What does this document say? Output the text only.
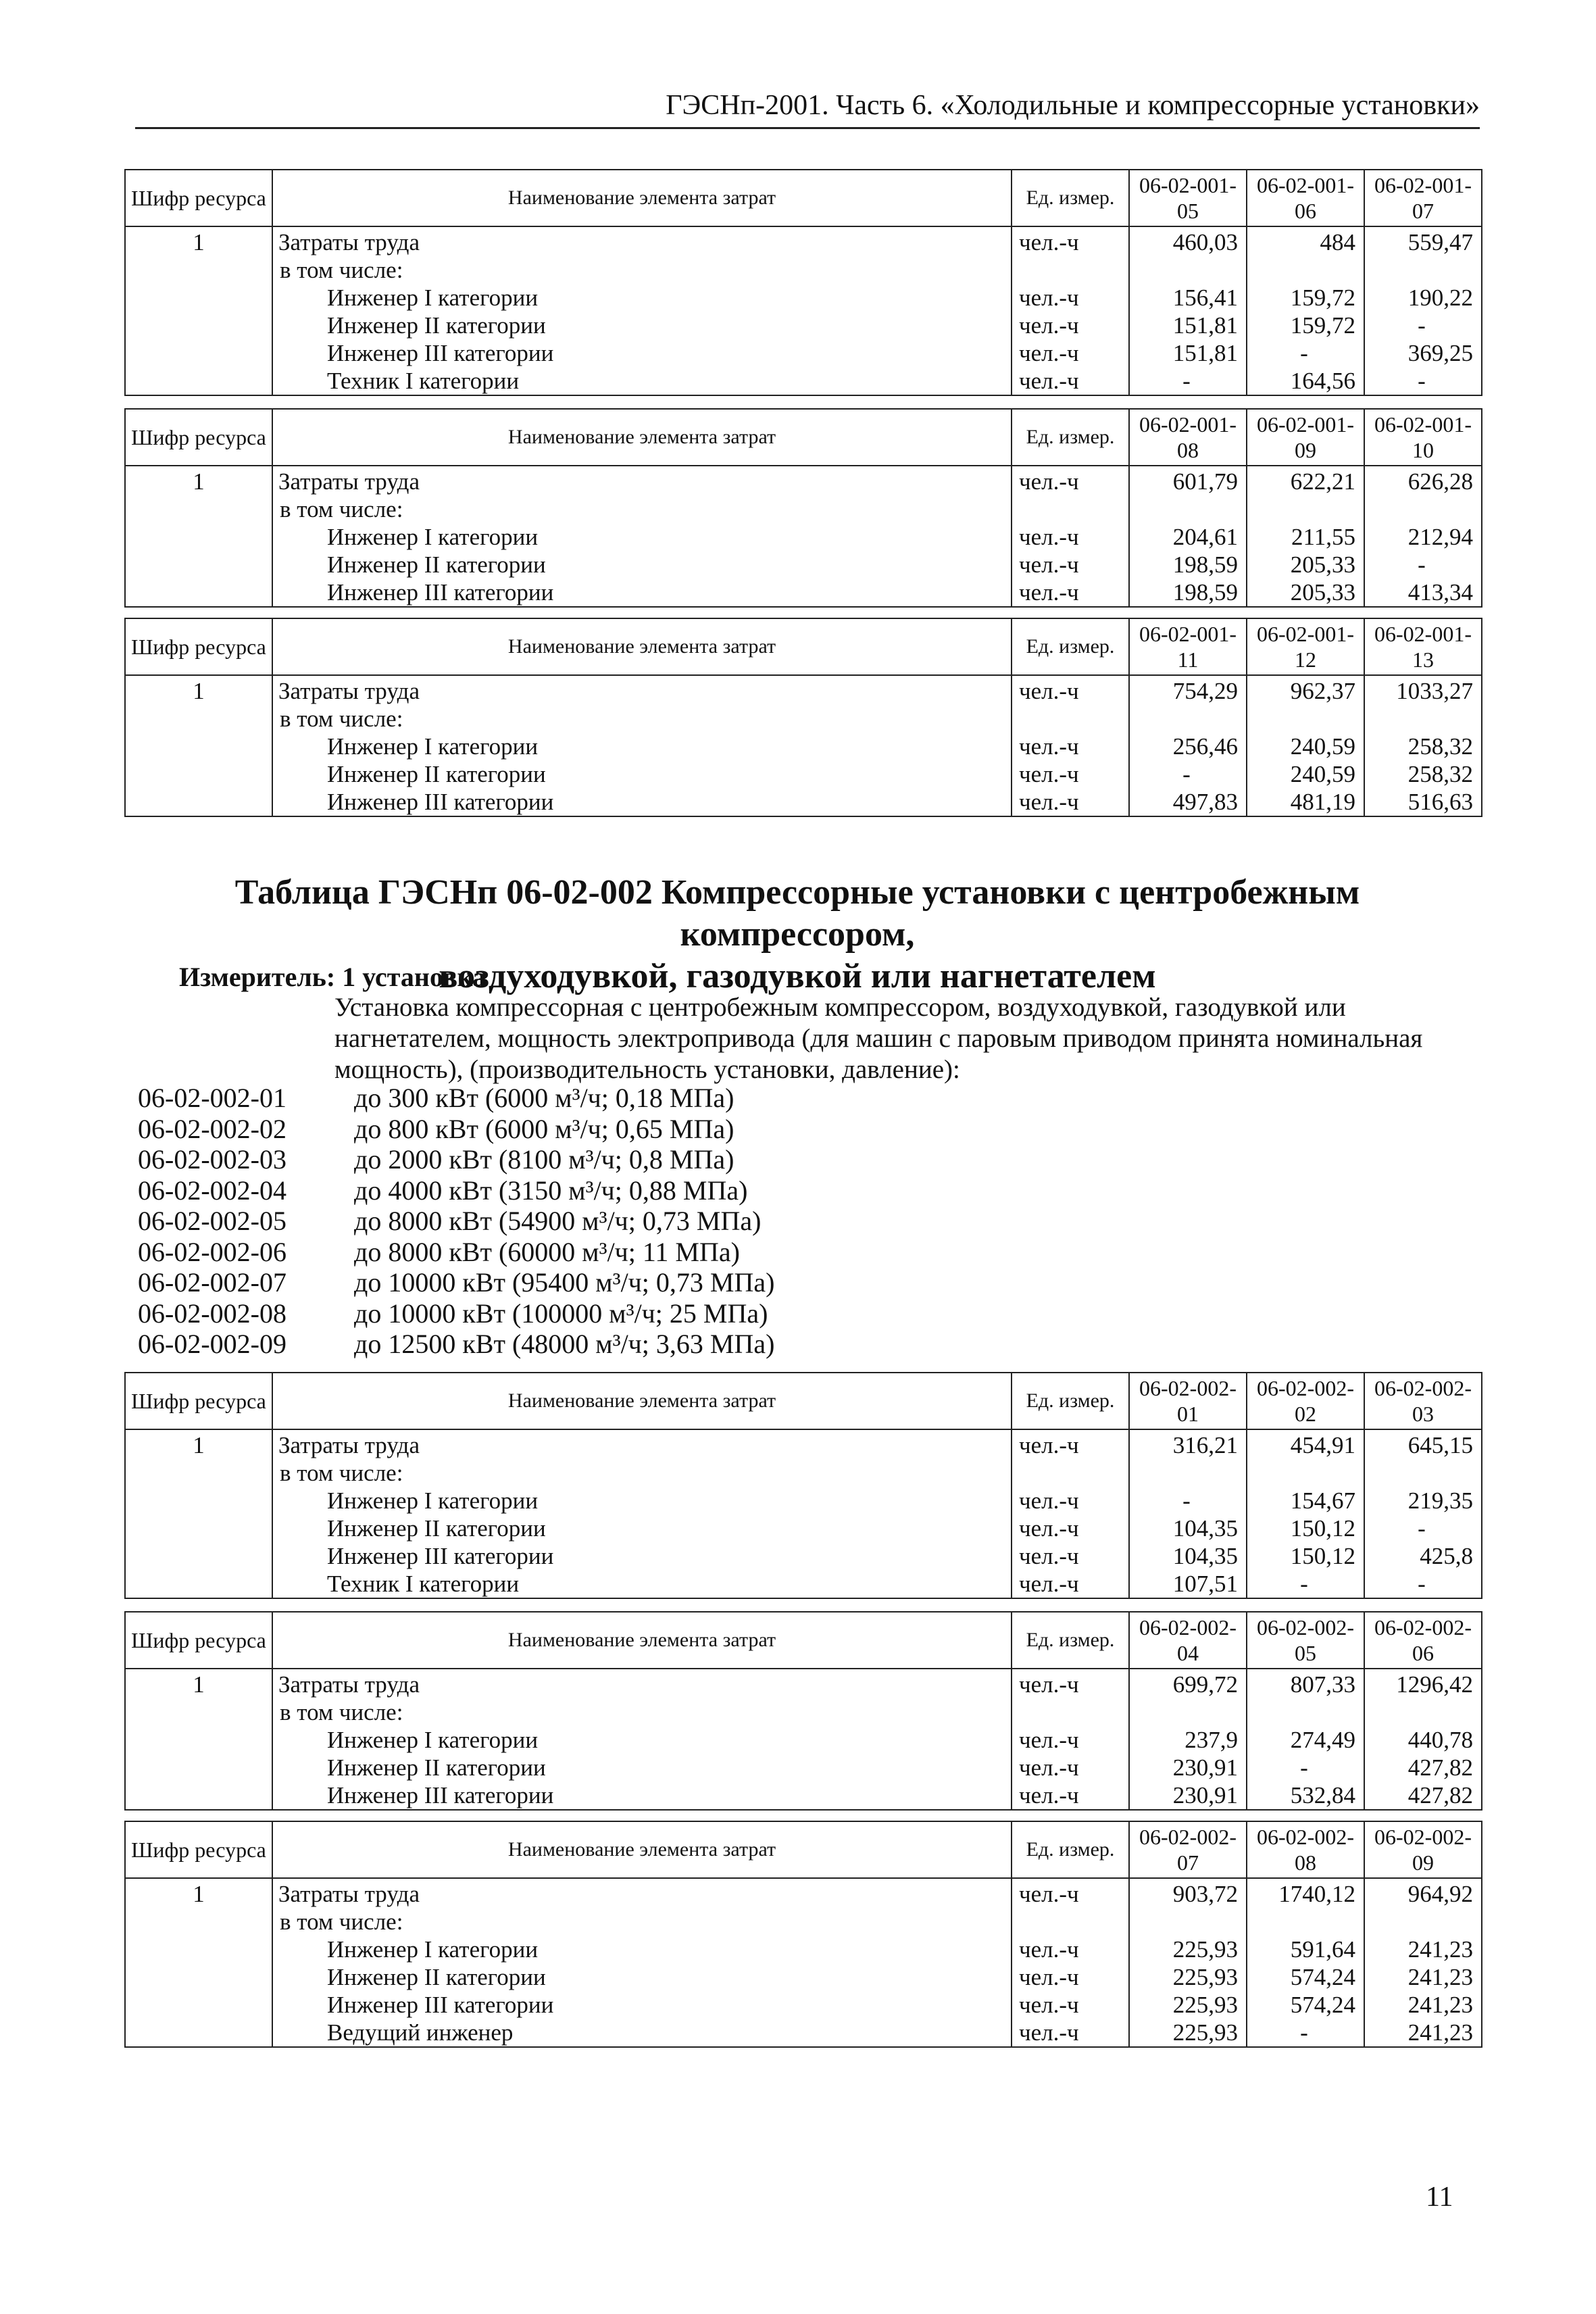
ГЭСНп-2001. Часть 6. «Холодильные и компрессорные установки»
Шифр ресурса	Наименование элемента затрат	Ед. измер.	06-02-001-05	06-02-001-06	06-02-001-07
1	Затраты труда	чел.-ч	460,03	484	559,47
	в том числе:				
	Инженер I категории	чел.-ч	156,41	159,72	190,22
	Инженер II категории	чел.-ч	151,81	159,72	-
	Инженер III категории	чел.-ч	151,81	-	369,25
	Техник I категории	чел.-ч	-	164,56	-
Шифр ресурса	Наименование элемента затрат	Ед. измер.	06-02-001-08	06-02-001-09	06-02-001-10
1	Затраты труда	чел.-ч	601,79	622,21	626,28
	в том числе:				
	Инженер I категории	чел.-ч	204,61	211,55	212,94
	Инженер II категории	чел.-ч	198,59	205,33	-
	Инженер III категории	чел.-ч	198,59	205,33	413,34
Шифр ресурса	Наименование элемента затрат	Ед. измер.	06-02-001-11	06-02-001-12	06-02-001-13
1	Затраты труда	чел.-ч	754,29	962,37	1033,27
	в том числе:				
	Инженер I категории	чел.-ч	256,46	240,59	258,32
	Инженер II категории	чел.-ч	-	240,59	258,32
	Инженер III категории	чел.-ч	497,83	481,19	516,63
Таблица ГЭСНп 06-02-002 Компрессорные установки с центробежным компрессором,
воздуходувкой, газодувкой или нагнетателем
Измеритель: 1 установка
Установка компрессорная с центробежным компрессором, воздуходувкой, газодувкой или нагнетателем, мощность электропривода (для машин с паровым приводом принята номинальная мощность), (производительность установки, давление):
06-02-002-01	до 300 кВт (6000 м³/ч; 0,18 МПа)
06-02-002-02	до 800 кВт (6000 м³/ч; 0,65 МПа)
06-02-002-03	до 2000 кВт (8100 м³/ч; 0,8 МПа)
06-02-002-04	до 4000 кВт (3150 м³/ч; 0,88 МПа)
06-02-002-05	до 8000 кВт (54900 м³/ч; 0,73 МПа)
06-02-002-06	до 8000 кВт (60000 м³/ч; 11 МПа)
06-02-002-07	до 10000 кВт (95400 м³/ч; 0,73 МПа)
06-02-002-08	до 10000 кВт (100000 м³/ч; 25 МПа)
06-02-002-09	до 12500 кВт (48000 м³/ч; 3,63 МПа)
Шифр ресурса	Наименование элемента затрат	Ед. измер.	06-02-002-01	06-02-002-02	06-02-002-03
1	Затраты труда	чел.-ч	316,21	454,91	645,15
	в том числе:				
	Инженер I категории	чел.-ч	-	154,67	219,35
	Инженер II категории	чел.-ч	104,35	150,12	-
	Инженер III категории	чел.-ч	104,35	150,12	425,8
	Техник I категории	чел.-ч	107,51	-	-
Шифр ресурса	Наименование элемента затрат	Ед. измер.	06-02-002-04	06-02-002-05	06-02-002-06
1	Затраты труда	чел.-ч	699,72	807,33	1296,42
	в том числе:				
	Инженер I категории	чел.-ч	237,9	274,49	440,78
	Инженер II категории	чел.-ч	230,91	-	427,82
	Инженер III категории	чел.-ч	230,91	532,84	427,82
Шифр ресурса	Наименование элемента затрат	Ед. измер.	06-02-002-07	06-02-002-08	06-02-002-09
1	Затраты труда	чел.-ч	903,72	1740,12	964,92
	в том числе:				
	Инженер I категории	чел.-ч	225,93	591,64	241,23
	Инженер II категории	чел.-ч	225,93	574,24	241,23
	Инженер III категории	чел.-ч	225,93	574,24	241,23
	Ведущий инженер	чел.-ч	225,93	-	241,23
11
